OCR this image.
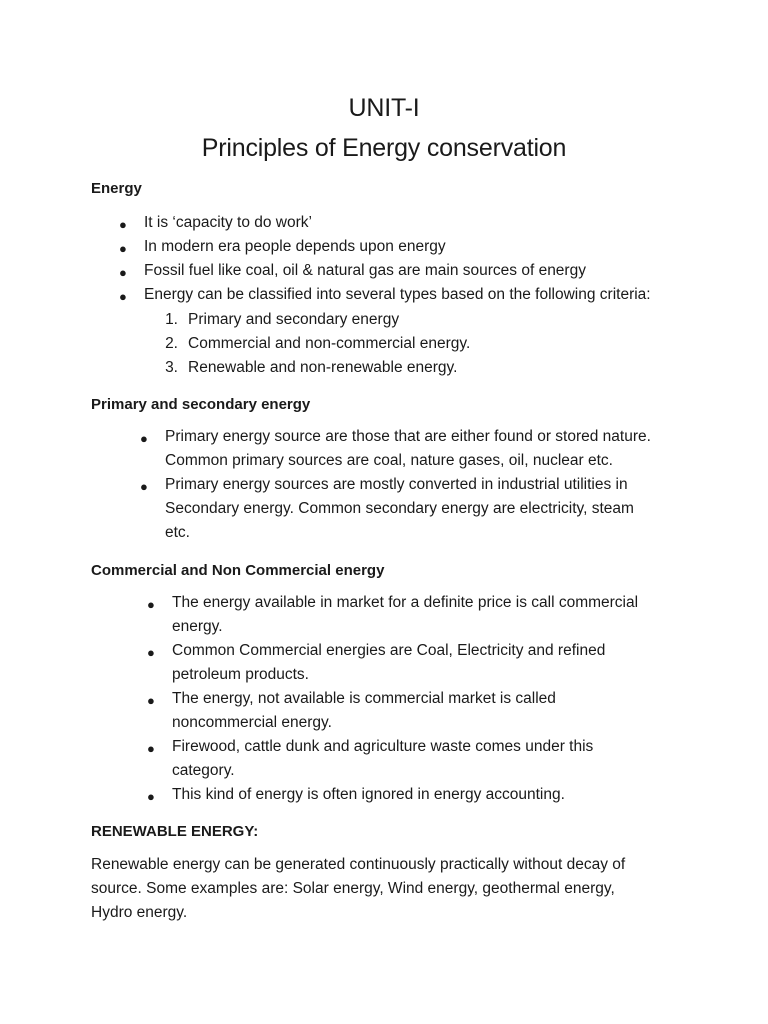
UNIT-I
Principles of Energy conservation
Energy
● It is ‘capacity to do work’
● In modern era people depends upon energy
● Fossil fuel like coal, oil & natural gas are main sources of energy
● Energy can be classified into several types based on the following criteria:
1. Primary and secondary energy
2. Commercial and non-commercial energy.
3. Renewable and non-renewable energy.
Primary and secondary energy
● Primary energy source are those that are either found or stored nature.
Common primary sources are coal, nature gases, oil, nuclear etc.
● Primary energy sources are mostly converted in industrial utilities in
Secondary energy. Common secondary energy are electricity, steam
etc.
Commercial and Non Commercial energy
● The energy available in market for a definite price is call commercial
energy.
● Common Commercial energies are Coal, Electricity and refined
petroleum products.
● The energy, not available is commercial market is called
noncommercial energy.
● Firewood, cattle dunk and agriculture waste comes under this
category.
● This kind of energy is often ignored in energy accounting.
RENEWABLE ENERGY:
Renewable energy can be generated continuously practically without decay of
source. Some examples are: Solar energy, Wind energy, geothermal energy,
Hydro energy.
